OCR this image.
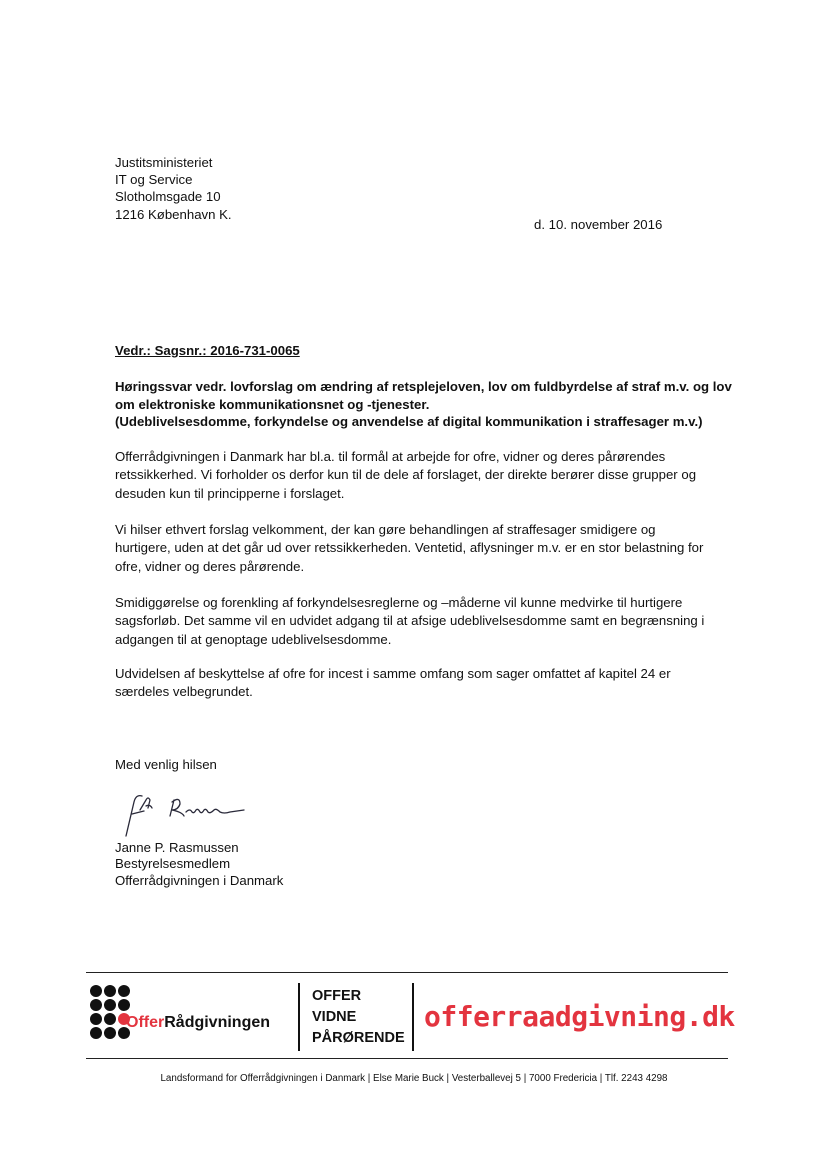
Justitsministeriet
IT og Service
Slotholmsgade 10
1216 København K.
d. 10. november 2016
Vedr.: Sagsnr.: 2016-731-0065
Høringssvar vedr. lovforslag om ændring af retsplejeloven, lov om fuldbyrdelse af straf m.v. og lov
om elektroniske kommunikationsnet og -tjenester.
(Udeblivelsesdomme, forkyndelse og anvendelse af digital kommunikation i straffesager m.v.)
Offerrådgivningen i Danmark har bl.a. til formål at arbejde for ofre, vidner og deres pårørendes
retssikkerhed. Vi forholder os derfor kun til de dele af forslaget, der direkte berører disse grupper og
desuden kun til principperne i forslaget.
Vi hilser ethvert forslag velkomment, der kan gøre behandlingen af straffesager smidigere og
hurtigere, uden at det går ud over retssikkerheden. Ventetid, aflysninger m.v. er en stor belastning for
ofre, vidner og deres pårørende.
Smidiggørelse og forenkling af forkyndelsesreglerne og –måderne vil kunne medvirke til hurtigere
sagsforløb. Det samme vil en udvidet adgang til at afsige udeblivelsesdomme samt en begrænsning i
adgangen til at genoptage udeblivelsesdomme.
Udvidelsen af beskyttelse af ofre for incest i samme omfang som sager omfattet af kapitel 24 er
særdeles velbegrundet.
Med venlig hilsen
Janne P. Rasmussen
Bestyrelsesmedlem
Offerrådgivningen i Danmark
OfferRådgivningen
OFFER
VIDNE
PÅRØRENDE
offerraadgivning.dk
Landsformand for Offerrådgivningen i Danmark | Else Marie Buck | Vesterballevej 5 | 7000 Fredericia | Tlf. 2243 4298
